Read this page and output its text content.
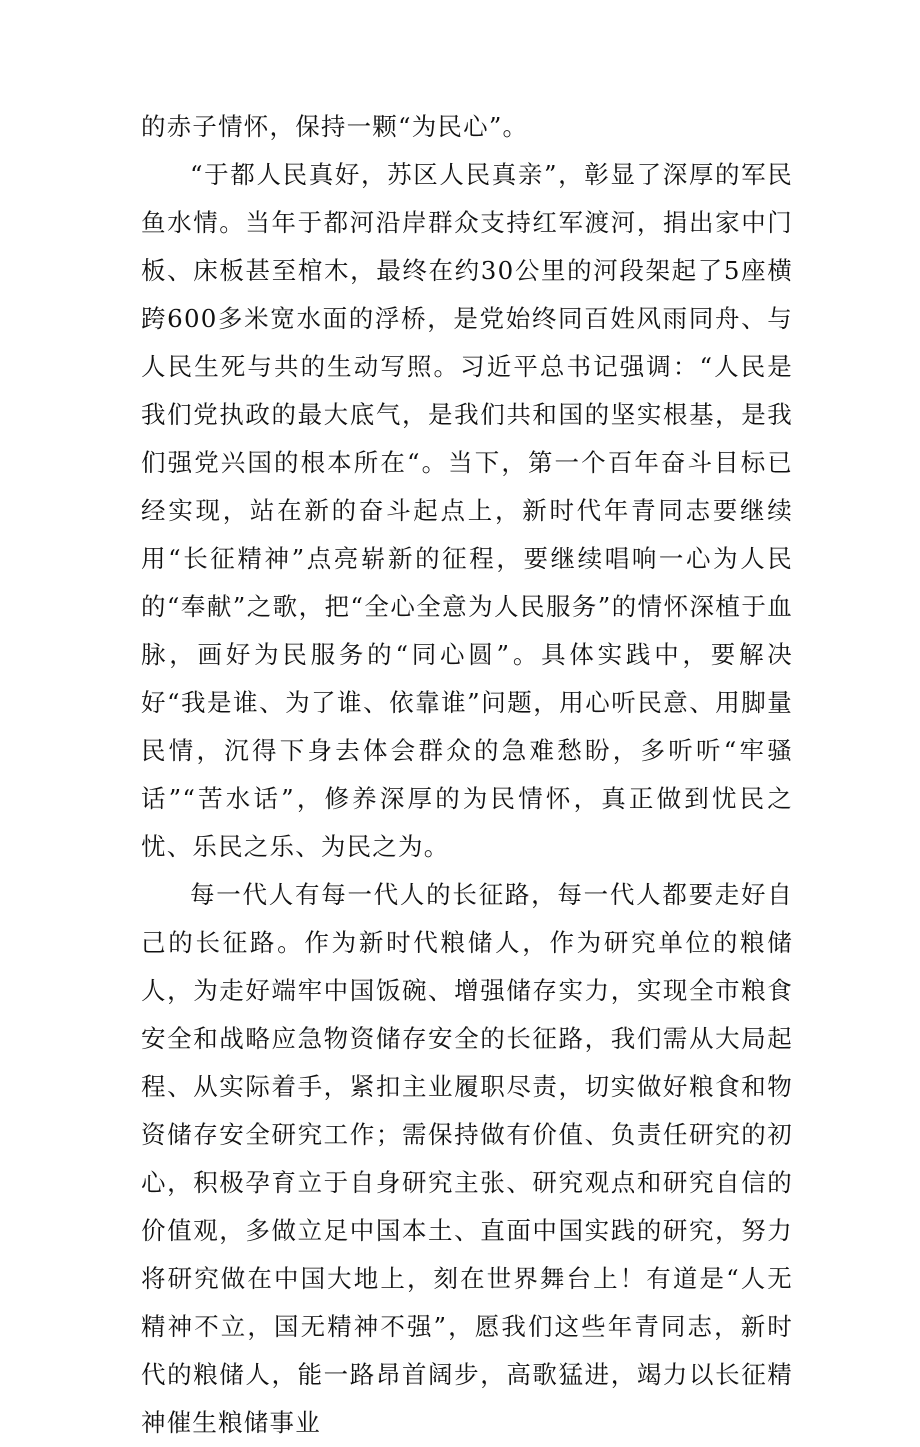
的赤子情怀，保持一颗“为民心”。

“于都人民真好，苏区人民真亲”，彰显了深厚的军民鱼水情。当年于都河沿岸群众支持红军渡河，捐出家中门板、床板甚至棺木，最终在约30公里的河段架起了5座横跨600多米宽水面的浮桥，是党始终同百姓风雨同舟、与人民生死与共的生动写照。习近平总书记强调：“人民是我们党执政的最大底气，是我们共和国的坚实根基，是我们强党兴国的根本所在“。当下，第一个百年奋斗目标已经实现，站在新的奋斗起点上，新时代年青同志要继续用“长征精神”点亮崭新的征程，要继续唱响一心为人民的“奉献”之歌，把“全心全意为人民服务”的情怀深植于血脉，画好为民服务的“同心圆”。具体实践中，要解决好“我是谁、为了谁、依靠谁”问题，用心听民意、用脚量民情，沉得下身去体会群众的急难愁盼，多听听“牢骚话”“苦水话”，修养深厚的为民情怀，真正做到忧民之忧、乐民之乐、为民之为。

每一代人有每一代人的长征路，每一代人都要走好自己的长征路。作为新时代粮储人，作为研究单位的粮储人，为走好端牢中国饭碗、增强储存实力，实现全市粮食安全和战略应急物资储存安全的长征路，我们需从大局起程、从实际着手，紧扣主业履职尽责，切实做好粮食和物资储存安全研究工作；需保持做有价值、负责任研究的初心，积极孕育立于自身研究主张、研究观点和研究自信的价值观，多做立足中国本土、直面中国实践的研究，努力将研究做在中国大地上，刻在世界舞台上！有道是“人无精神不立，国无精神不强”，愿我们这些年青同志，新时代的粮储人，能一路昂首阔步，高歌猛进，竭力以长征精神催生粮储事业
